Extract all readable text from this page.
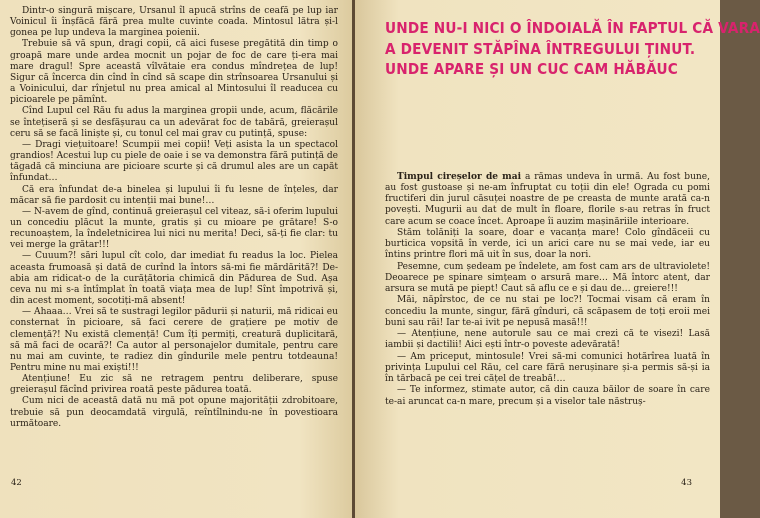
Dintr-o singură mișcare, Ursanul îl apucă strîns de ceafă pe lup iar Voinicul îi înșfăcă fără prea multe cuvinte coada. Mintosul lătra și-l gonea pe lup undeva la marginea poienii.

Trebuie să vă spun, dragi copii, că aici fusese pregătită din timp o groapă mare unde ardea mocnit un pojar de foc de care ți-era mai mare dragul! Spre această vîlvătaie era condus mîndrețea de lup! Sigur că încerca din cînd în cînd să scape din strînsoarea Ursanului și a Voinicului, dar rînjetul nu prea amical al Mintosului îl readucea cu picioarele pe pămînt.

Cînd Lupul cel Rău fu adus la marginea gropii unde, acum, flăcările se întețiseră și se desfășurau ca un adevărat foc de tabără, greierașul ceru să se facă liniște și, cu tonul cel mai grav cu putință, spuse:

— Dragi viețuitoare! Scumpii mei copii! Veți asista la un spectacol grandios! Acestui lup cu piele de oaie i se va demonstra fără putință de tăgadă că minciuna are picioare scurte și că drumul ales are un capăt înfundat…

Că era înfundat de-a binelea și lupului îi fu lesne de înțeles, dar măcar să fie pardosit cu intenții mai bune!…

— N-avem de gînd, continuă greierașul cel viteaz, să-i oferim lupului un concediu plăcut la munte, gratis și cu mioare pe grătare! S-o recunoaștem, la îndeletnicirea lui nici nu merita! Deci, să-ți fie clar: tu vei merge la grătar!!!

— Cuuum?! sări lupul cît colo, dar imediat fu readus la loc. Pielea aceasta frumoasă și dată de curînd la întors să-mi fie mărdărită?! De-abia am ridicat-o de la curățătoria chimică din Pădurea de Sud. Așa ceva nu mi s-a întîmplat în toată viața mea de lup! Sînt împotrivă și, din acest moment, socotiți-mă absent!

— Ahaaa… Vrei să te sustragi legilor pădurii și naturii, mă ridicai eu consternat în picioare, să faci cerere de grațiere pe motiv de clemență?! Nu există clemență! Cum îți permiți, creatură duplicitară, să mă faci de ocară?! Ca autor al personajelor dumitale, pentru care nu mai am cuvinte, te radiez din gîndurile mele pentru totdeauna! Pentru mine nu mai exiști!!!

Atențiune! Eu zic să ne retragem pentru deliberare, spuse greierașul făcînd privirea roată peste pădurea toată.

Cum nici de această dată nu mă pot opune majorității zdrobitoare, trebuie să pun deocamdată virgulă, reîntîlnindu-ne în povestioara următoare.

42
UNDE NU-I NICI O ÎNDOIALĂ ÎN FAPTUL CĂ VARA
A DEVENIT STĂPÎNA ÎNTREGULUI ȚINUT.
UNDE APARE ȘI UN CUC CAM HĂBĂUC

Timpul cireșelor de mai a rămas undeva în urmă. Au fost bune, au fost gustoase și ne-am înfruptat cu toții din ele! Ograda cu pomi fructiferi din jurul căsuței noastre de pe creasta de munte arată ca-n povești. Mugurii au dat de mult în floare, florile s-au retras în fruct care acum se coace încet. Aproape îi auzim mașinăriile interioare.

Stăm tolăniți la soare, doar e vacanța mare! Colo gîndăceii cu burticica vopsită în verde, ici un arici care nu se mai vede, iar eu întins printre flori mă uit în sus, doar la nori.

Pesemne, cum ședeam pe îndelete, am fost cam ars de ultraviolete! Deoarece pe spinare simțeam o arsură mare… Mă întorc atent, dar arsura se mută pe piept! Caut să aflu ce e și dau de… greiere!!!

Măi, năpîrstoc, de ce nu stai pe loc?! Tocmai visam că eram în concediu la munte, singur, fără gînduri, că scăpasem de toți eroii mei buni sau răi! Iar te-ai ivit pe nepusă masă!!!

— Atențiune, nene autorule sau ce mai crezi că te visezi! Lasă iambii și dactilii! Aici ești într-o poveste adevărată!

— Am priceput, mintosule! Vrei să-mi comunici hotărîrea luată în privința Lupului cel Rău, cel care fără nerușinare și-a permis să-și ia în tărbacă pe cei trei cățel de treabă!…

— Te informez, stimate autor, că din cauza băilor de soare în care te-ai aruncat ca-n mare, precum și a viselor tale năstruș-

43
